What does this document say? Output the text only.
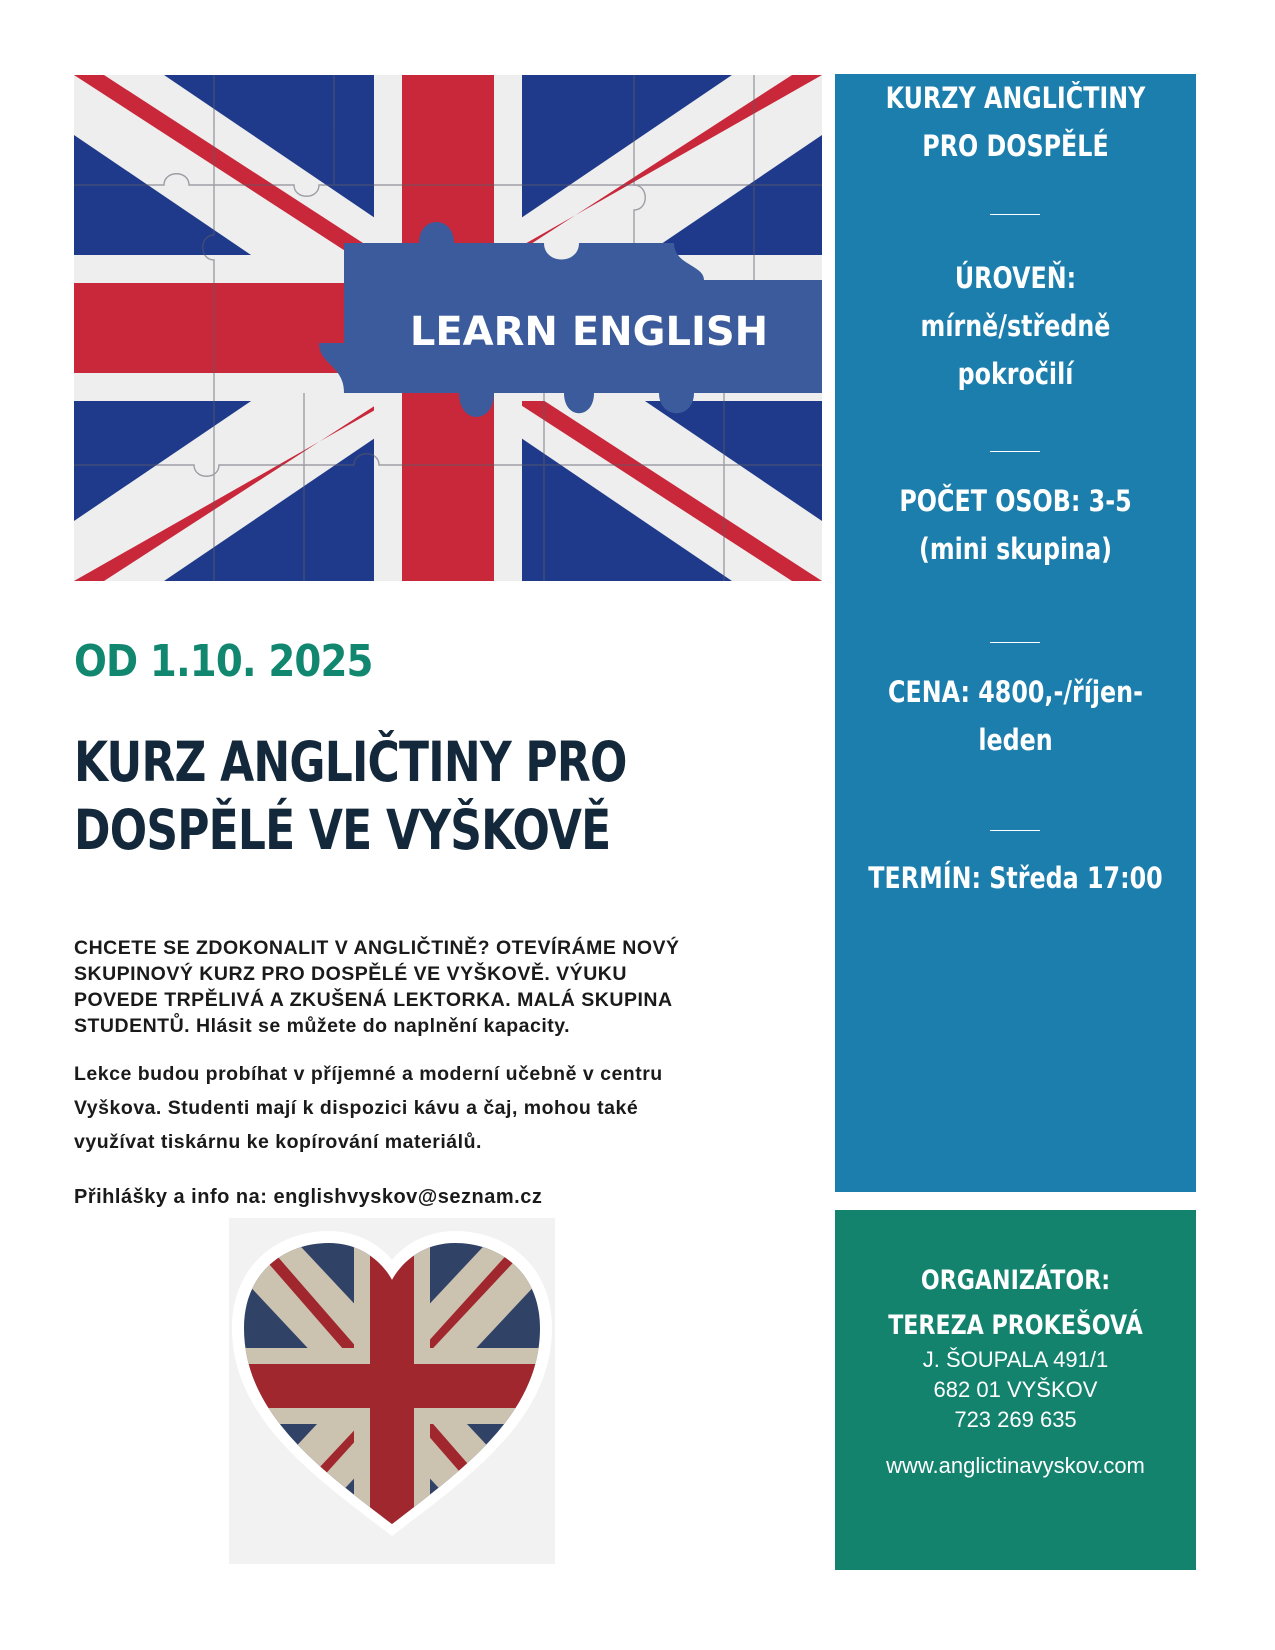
LEARN ENGLISH
OD 1.10. 2025
KURZ ANGLIČTINY PRO
DOSPĚLÉ VE VYŠKOVĚ
CHCETE SE ZDOKONALIT V ANGLIČTINĚ? OTEVÍRÁME NOVÝ
SKUPINOVÝ KURZ PRO DOSPĚLÉ VE VYŠKOVĚ. VÝUKU
POVEDE TRPĚLIVÁ A ZKUŠENÁ LEKTORKA. MALÁ SKUPINA
STUDENTŮ. Hlásit se můžete do naplnění kapacity.
Lekce budou probíhat v příjemné a moderní učebně v centru
Vyškova. Studenti mají k dispozici kávu a čaj, mohou také
využívat tiskárnu ke kopírování materiálů.
Přihlášky a info na: englishvyskov@seznam.cz
KURZY ANGLIČTINY
PRO DOSPĚLÉ
ÚROVEŇ:
mírně/středně
pokročilí
POČET OSOB: 3-5
(mini skupina)
CENA: 4800,-/říjen-
leden
TERMÍN: Středa 17:00
ORGANIZÁTOR:
TEREZA PROKEŠOVÁ
J. ŠOUPALA 491/1
682 01 VYŠKOV
723 269 635
www.anglictinavyskov.com
